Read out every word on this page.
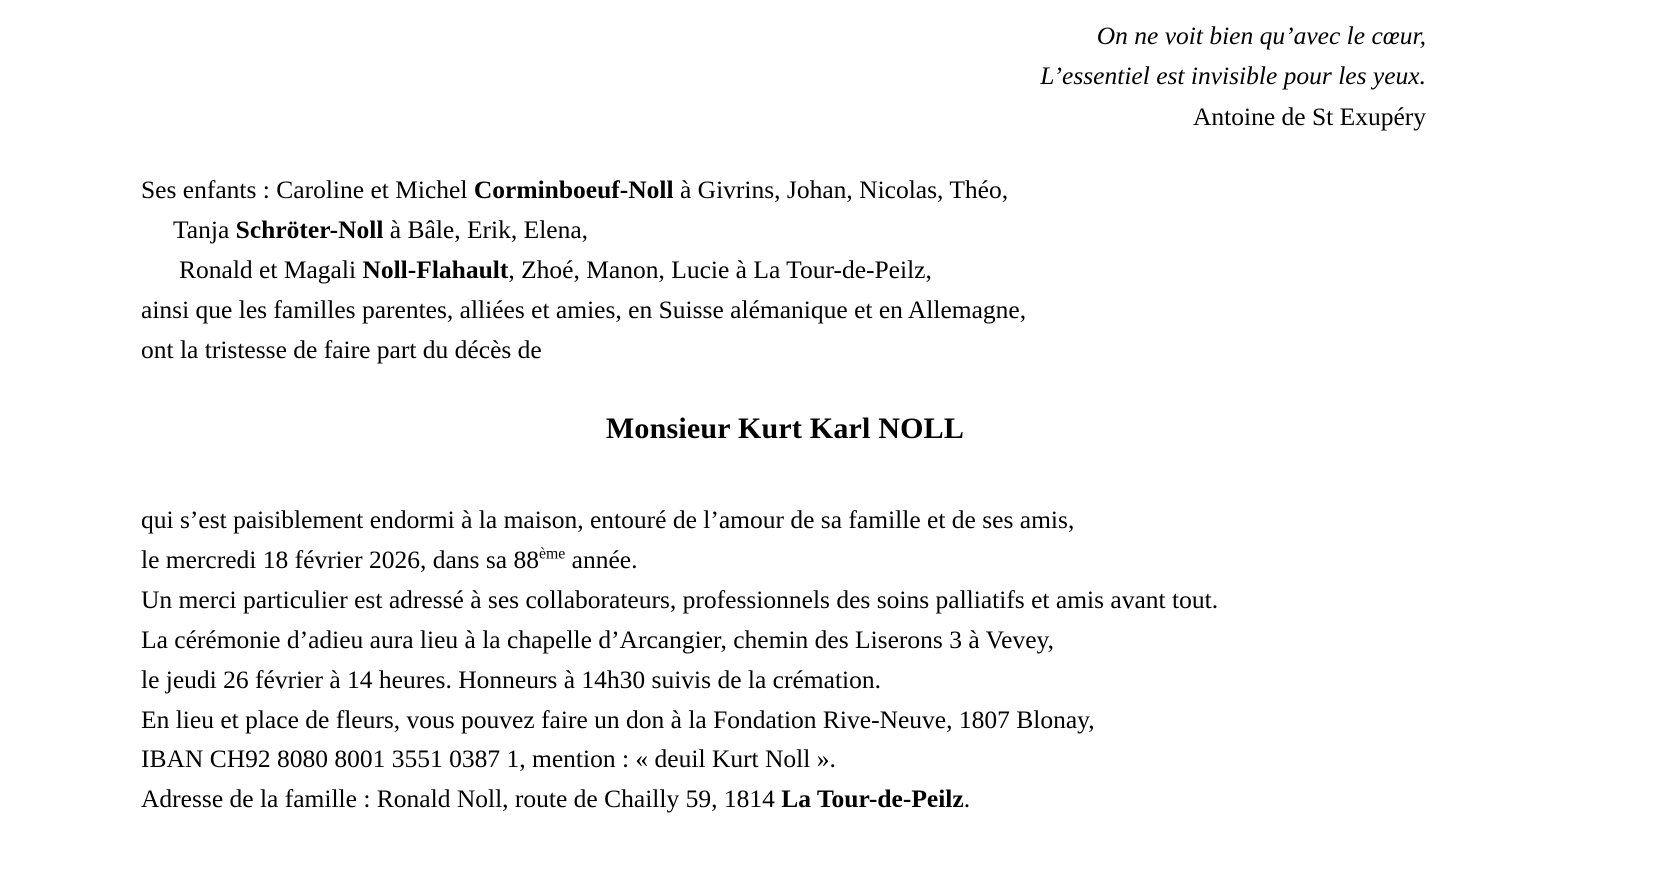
On ne voit bien qu’avec le cœur,
L’essentiel est invisible pour les yeux.
Antoine de St Exupéry
Ses enfants : Caroline et Michel Corminboeuf-Noll à Givrins, Johan, Nicolas, Théo,
Tanja Schröter-Noll à Bâle, Erik, Elena,
Ronald et Magali Noll-Flahault, Zhoé, Manon, Lucie à La Tour-de-Peilz,
ainsi que les familles parentes, alliées et amies, en Suisse alémanique et en Allemagne,
ont la tristesse de faire part du décès de
Monsieur Kurt Karl NOLL
qui s’est paisiblement endormi à la maison, entouré de l’amour de sa famille et de ses amis,
le mercredi 18 février 2026, dans sa 88ème année.
Un merci particulier est adressé à ses collaborateurs, professionnels des soins palliatifs et amis avant tout.
La cérémonie d’adieu aura lieu à la chapelle d’Arcangier, chemin des Liserons 3 à Vevey,
le jeudi 26 février à 14 heures. Honneurs à 14h30 suivis de la crémation.
En lieu et place de fleurs, vous pouvez faire un don à la Fondation Rive-Neuve, 1807 Blonay,
IBAN CH92 8080 8001 3551 0387 1, mention : « deuil Kurt Noll ».
Adresse de la famille : Ronald Noll, route de Chailly 59, 1814 La Tour-de-Peilz.
